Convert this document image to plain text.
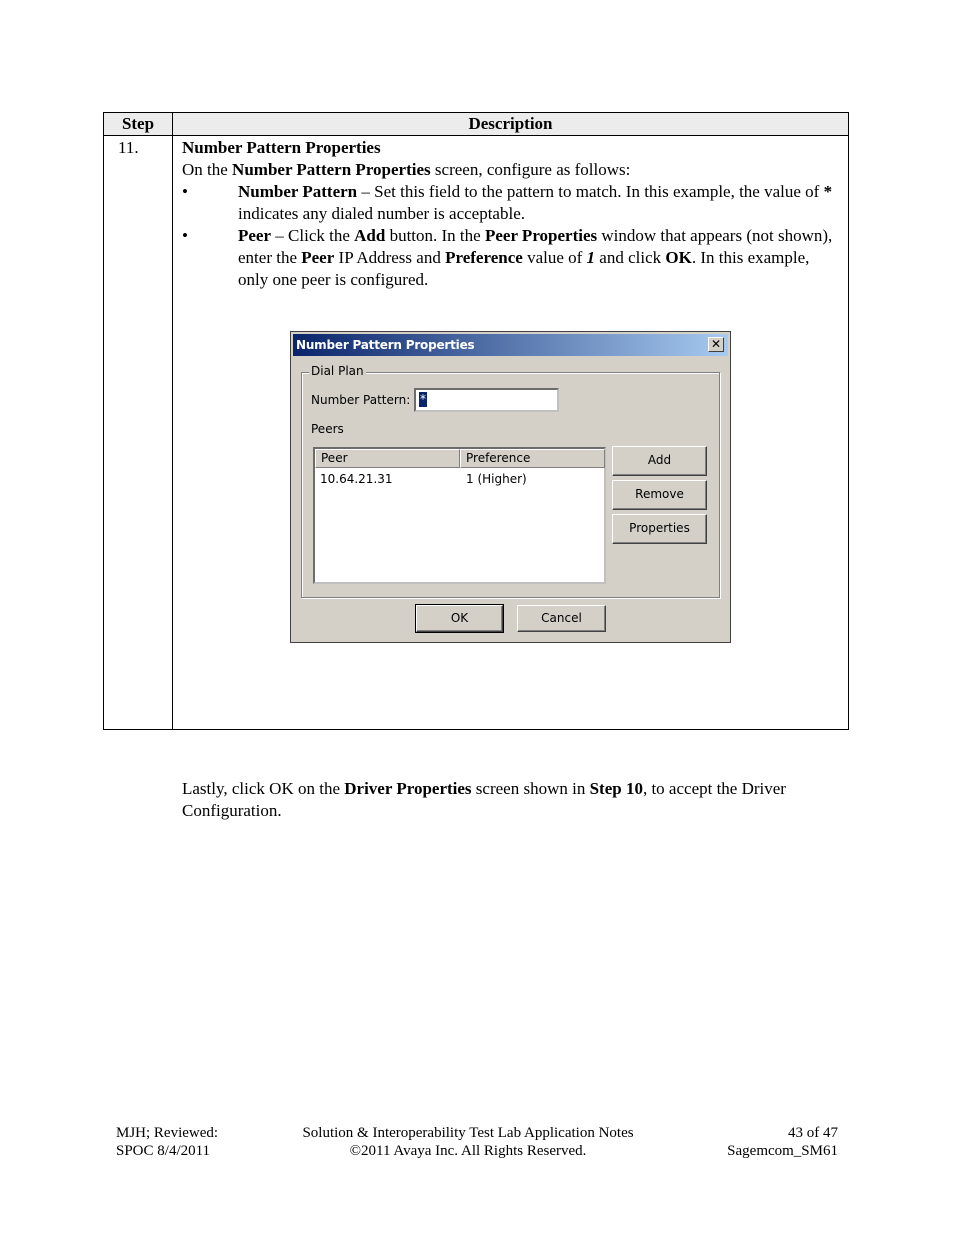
Step	Description
11.	Number Pattern Properties

On the Number Pattern Properties screen, configure as follows:

•	Number Pattern – Set this field to the pattern to match. In this example, the value of * indicates any dialed number is acceptable.

•	Peer – Click the Add button. In the Peer Properties window that appears (not shown), enter the Peer IP Address and Preference value of 1 and click OK. In this example, only one peer is configured.

Lastly, click OK on the Driver Properties screen shown in Step 10, to accept the Driver Configuration.
Number Pattern Properties	✕
Dial Plan
Number Pattern: *
Peers
Peer	Preference
10.64.21.31	1 (Higher)
Add
Remove
Properties
OK	Cancel
MJH; Reviewed:
SPOC 8/4/2011
Solution & Interoperability Test Lab Application Notes
©2011 Avaya Inc. All Rights Reserved.
43 of 47
Sagemcom_SM61
